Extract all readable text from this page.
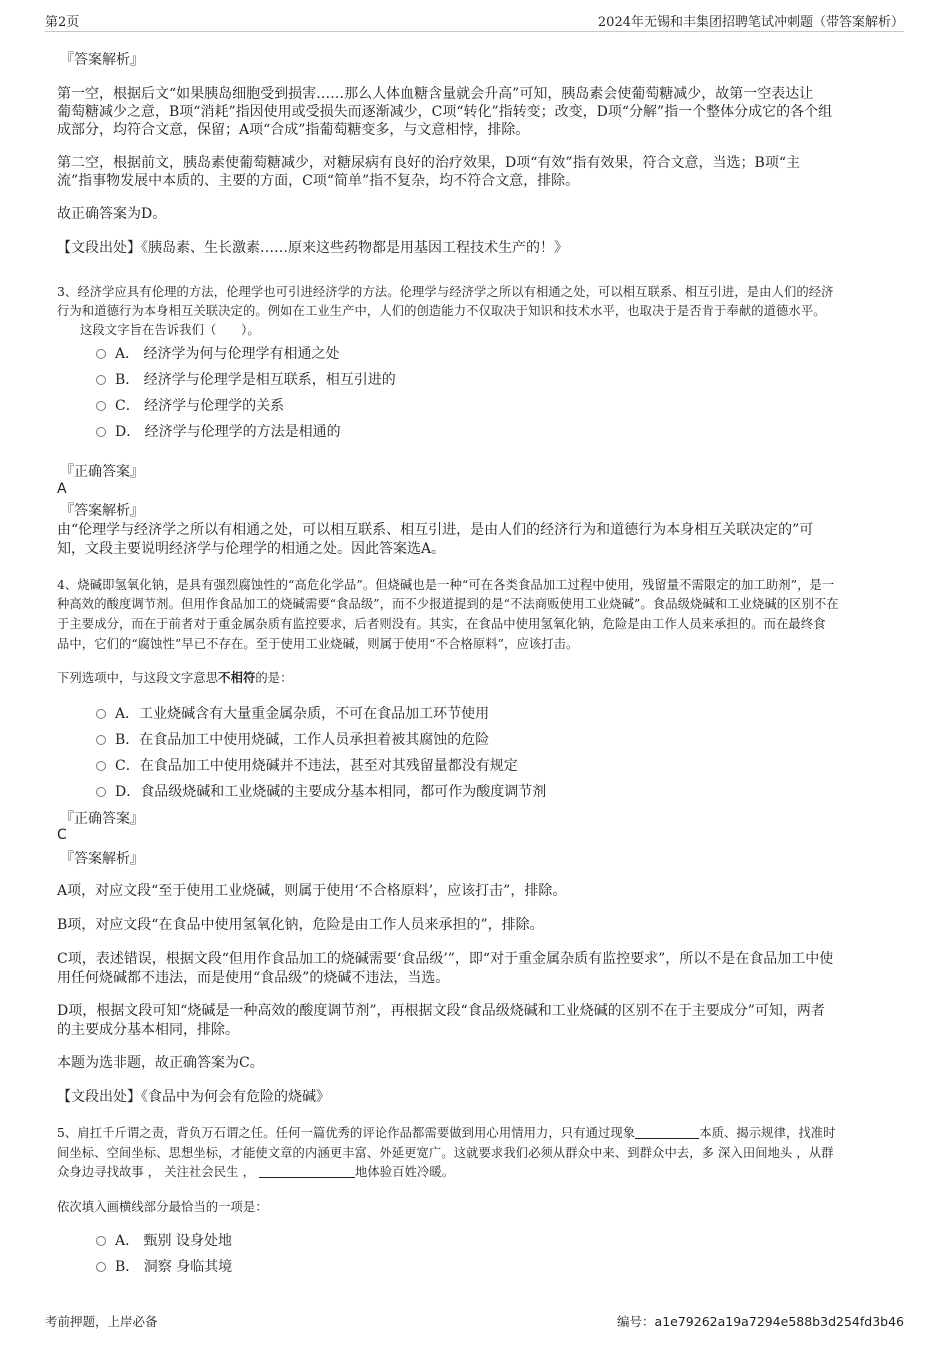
第2页	2024年无锡和丰集团招聘笔试冲刺题（带答案解析）
『答案解析』
第一空，根据后文“如果胰岛细胞受到损害……那么人体血糖含量就会升高”可知，胰岛素会使葡萄糖减少，故第一空表达让
葡萄糖减少之意，B项“消耗”指因使用或受损失而逐渐减少，C项“转化”指转变；改变，D项“分解”指一个整体分成它的各个组
成部分，均符合文意，保留；A项“合成”指葡萄糖变多，与文意相悖，排除。
第二空，根据前文，胰岛素使葡萄糖减少，对糖尿病有良好的治疗效果，D项“有效”指有效果，符合文意，当选；B项“主
流”指事物发展中本质的、主要的方面，C项“简单”指不复杂，均不符合文意，排除。
故正确答案为D。
【文段出处】《胰岛素、生长激素……原来这些药物都是用基因工程技术生产的！》
3、经济学应具有伦理的方法，伦理学也可引进经济学的方法。伦理学与经济学之所以有相通之处，可以相互联系、相互引进，是由人们的经济
行为和道德行为本身相互关联决定的。例如在工业生产中，人们的创造能力不仅取决于知识和技术水平，也取决于是否肯于奉献的道德水平。
这段文字旨在告诉我们（　　）。
A． 经济学为何与伦理学有相通之处
B． 经济学与伦理学是相互联系，相互引进的
C． 经济学与伦理学的关系
D． 经济学与伦理学的方法是相通的
『正确答案』
A
『答案解析』
由“伦理学与经济学之所以有相通之处，可以相互联系、相互引进，是由人们的经济行为和道德行为本身相互关联决定的”可
知，文段主要说明经济学与伦理学的相通之处。因此答案选A。
4、烧碱即氢氧化钠，是具有强烈腐蚀性的“高危化学品”。但烧碱也是一种“可在各类食品加工过程中使用，残留量不需限定的加工助剂”，是一
种高效的酸度调节剂。但用作食品加工的烧碱需要“食品级”，而不少报道提到的是“不法商贩使用工业烧碱”。食品级烧碱和工业烧碱的区别不在
于主要成分，而在于前者对于重金属杂质有监控要求，后者则没有。其实，在食品中使用氢氧化钠，危险是由工作人员来承担的。而在最终食
品中，它们的“腐蚀性”早已不存在。至于使用工业烧碱，则属于使用“不合格原料”，应该打击。
下列选项中，与这段文字意思不相符的是：
A．工业烧碱含有大量重金属杂质，不可在食品加工环节使用
B．在食品加工中使用烧碱，工作人员承担着被其腐蚀的危险
C．在食品加工中使用烧碱并不违法，甚至对其残留量都没有规定
D．食品级烧碱和工业烧碱的主要成分基本相同，都可作为酸度调节剂
『正确答案』
C
『答案解析』
A项，对应文段“至于使用工业烧碱，则属于使用‘不合格原料’，应该打击”，排除。
B项，对应文段“在食品中使用氢氧化钠，危险是由工作人员来承担的”，排除。
C项，表述错误，根据文段“但用作食品加工的烧碱需要‘食品级’”，即“对于重金属杂质有监控要求”，所以不是在食品加工中使
用任何烧碱都不违法，而是使用“食品级”的烧碱不违法，当选。
D项，根据文段可知“烧碱是一种高效的酸度调节剂”，再根据文段“食品级烧碱和工业烧碱的区别不在于主要成分”可知，两者
的主要成分基本相同，排除。
本题为选非题，故正确答案为C。
【文段出处】《食品中为何会有危险的烧碱》
5、肩扛千斤谓之责，背负万石谓之任。任何一篇优秀的评论作品都需要做到用心用情用力，只有通过现象	本质、揭示规律，找准时
间坐标、空间坐标、思想坐标，才能使文章的内涵更丰富、外延更宽广。这就要求我们必须从群众中来、到群众中去，多 深入田间地头 ，从群
众身边寻找故事 ， 关注社会民生 ，	地体验百姓冷暖。
依次填入画横线部分最恰当的一项是：
A． 甄别 设身处地
B． 洞察 身临其境
考前押题，上岸必备	编号：a1e79262a19a7294e588b3d254fd3b46
